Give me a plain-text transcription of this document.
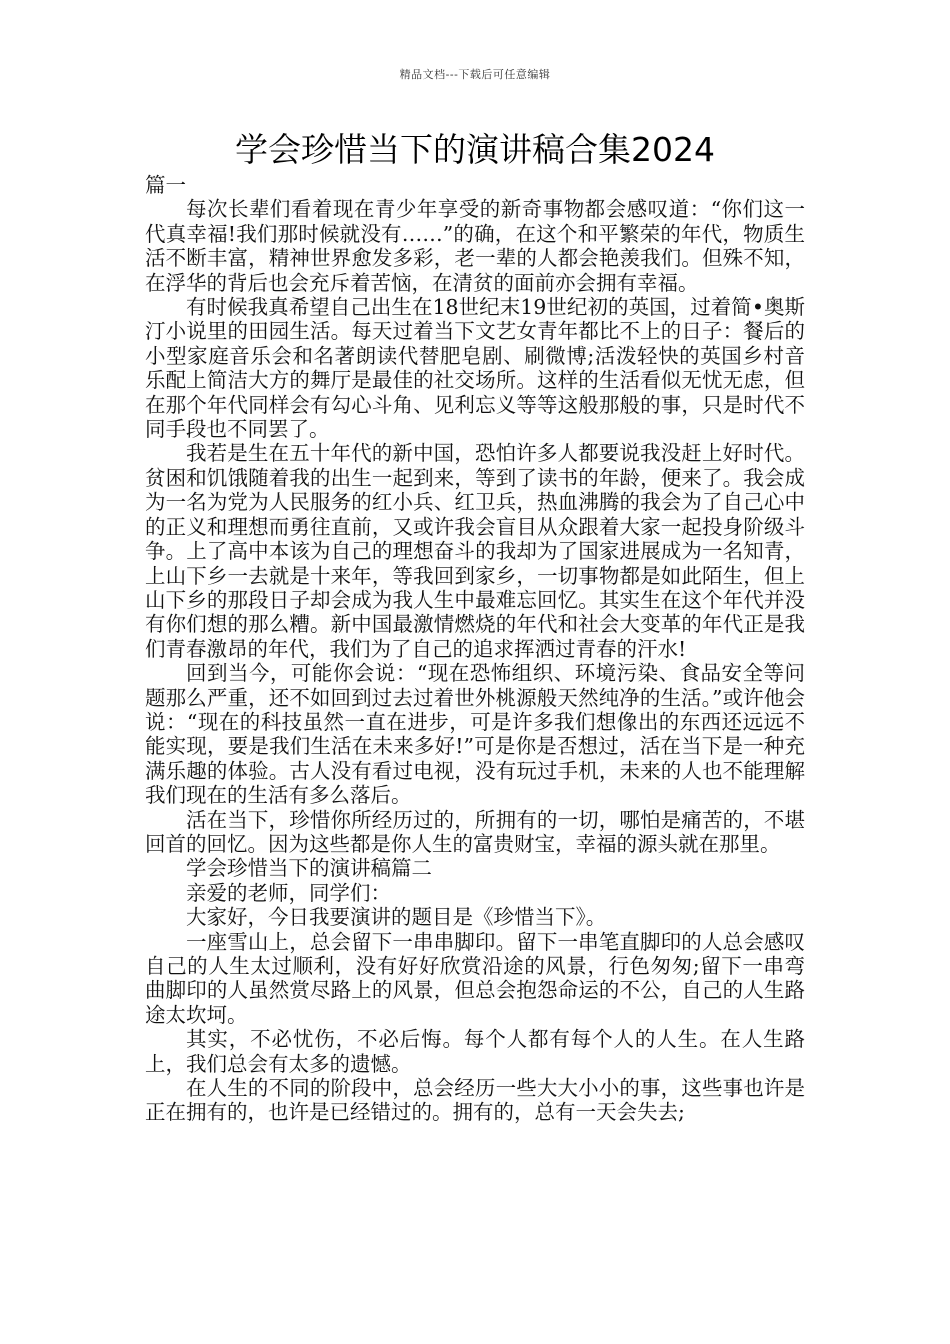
精品文档---下载后可任意编辑
学会珍惜当下的演讲稿合集2024

篇一

每次长辈们看着现在青少年享受的新奇事物都会感叹道：“你们这一代真幸福!我们那时候就没有……”的确，在这个和平繁荣的年代，物质生活不断丰富，精神世界愈发多彩，老一辈的人都会艳羡我们。但殊不知，在浮华的背后也会充斥着苦恼，在清贫的面前亦会拥有幸福。

有时候我真希望自己出生在18世纪末19世纪初的英国，过着简•奥斯汀小说里的田园生活。每天过着当下文艺女青年都比不上的日子：餐后的小型家庭音乐会和名著朗读代替肥皂剧、刷微博;活泼轻快的英国乡村音乐配上简洁大方的舞厅是最佳的社交场所。这样的生活看似无忧无虑，但在那个年代同样会有勾心斗角、见利忘义等等这般那般的事，只是时代不同手段也不同罢了。

我若是生在五十年代的新中国，恐怕许多人都要说我没赶上好时代。贫困和饥饿随着我的出生一起到来，等到了读书的年龄，便来了。我会成为一名为党为人民服务的红小兵、红卫兵，热血沸腾的我会为了自己心中的正义和理想而勇往直前，又或许我会盲目从众跟着大家一起投身阶级斗争。上了高中本该为自己的理想奋斗的我却为了国家进展成为一名知青，上山下乡一去就是十来年，等我回到家乡，一切事物都是如此陌生，但上山下乡的那段日子却会成为我人生中最难忘回忆。其实生在这个年代并没有你们想的那么糟。新中国最激情燃烧的年代和社会大变革的年代正是我们青春激昂的年代，我们为了自己的追求挥洒过青春的汗水!

回到当今，可能你会说：“现在恐怖组织、环境污染、食品安全等问题那么严重，还不如回到过去过着世外桃源般天然纯净的生活。”或许他会说：“现在的科技虽然一直在进步，可是许多我们想像出的东西还远远不能实现，要是我们生活在未来多好!”可是你是否想过，活在当下是一种充满乐趣的体验。古人没有看过电视，没有玩过手机，未来的人也不能理解我们现在的生活有多么落后。

活在当下，珍惜你所经历过的，所拥有的一切，哪怕是痛苦的，不堪回首的回忆。因为这些都是你人生的富贵财宝，幸福的源头就在那里。

学会珍惜当下的演讲稿篇二

亲爱的老师，同学们：

大家好，今日我要演讲的题目是《珍惜当下》。

一座雪山上，总会留下一串串脚印。留下一串笔直脚印的人总会感叹自己的人生太过顺利，没有好好欣赏沿途的风景，行色匆匆;留下一串弯曲脚印的人虽然赏尽路上的风景，但总会抱怨命运的不公，自己的人生路途太坎坷。

其实，不必忧伤，不必后悔。每个人都有每个人的人生。在人生路上，我们总会有太多的遗憾。

在人生的不同的阶段中，总会经历一些大大小小的事，这些事也许是正在拥有的，也许是已经错过的。拥有的，总有一天会失去;
